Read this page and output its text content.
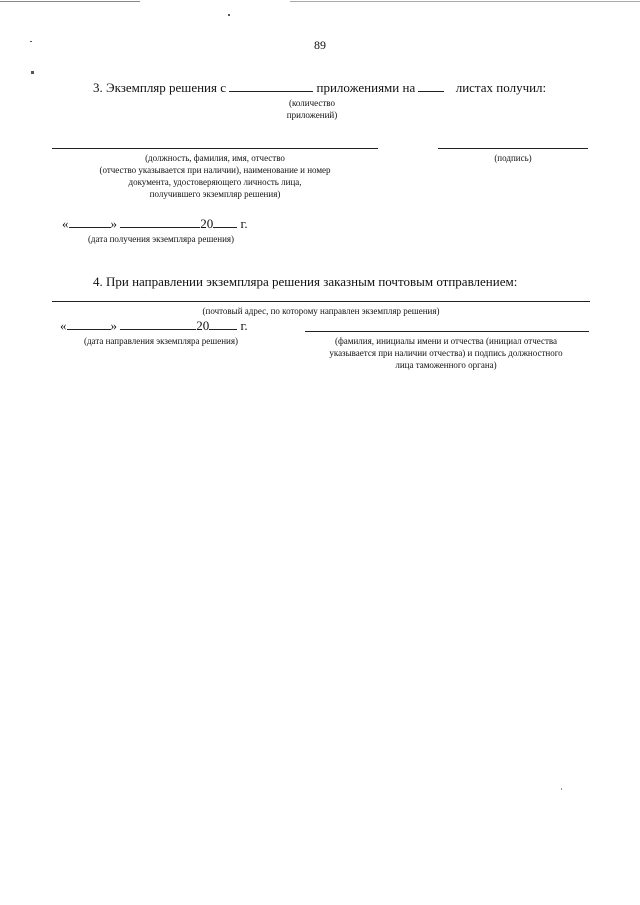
89
3. Экземпляр решения с	приложениями на	листах получил:
(количество
приложений)
(должность, фамилия, имя, отчество
(отчество указывается при наличии), наименование и номер
документа, удостоверяющего личность лица,
получившего экземпляр решения)
(подпись)
«	»	20 г.
(дата получения экземпляра решения)
4. При направлении экземпляра решения заказным почтовым отправлением:
(почтовый адрес, по которому направлен экземпляр решения)
«	»	20 г.
(дата направления экземпляра решения)	(фамилия, инициалы имени и отчества (инициал отчества
указывается при наличии отчества) и подпись должностного
лица таможенного органа)
